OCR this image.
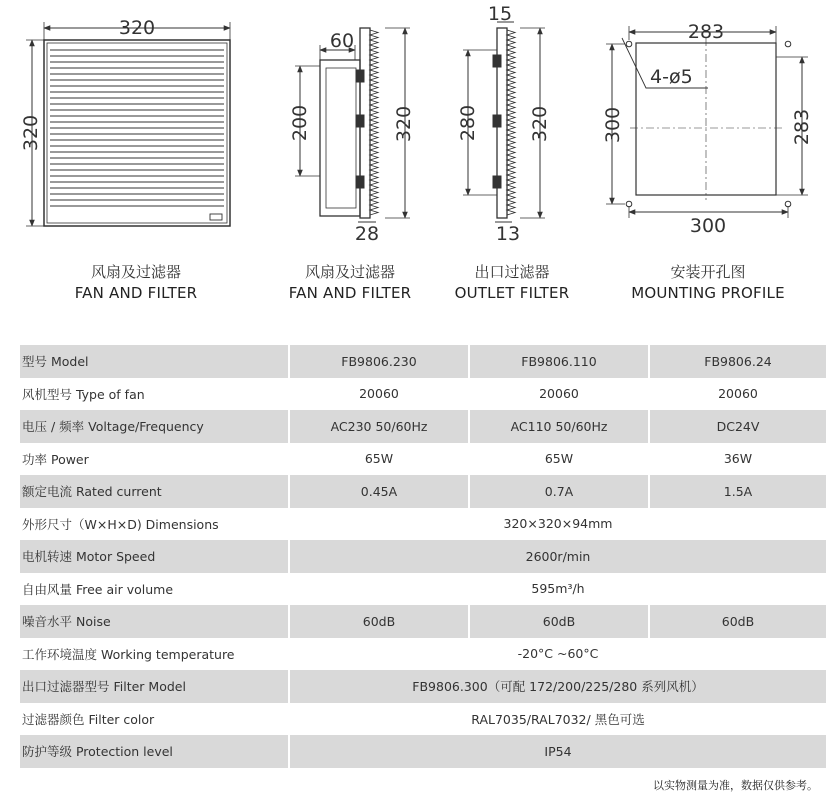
320
320
60
200	320
28
15
280	320
13
283
4-ø5
300	283
300
风扇及过滤器
FAN AND FILTER
风扇及过滤器
FAN AND FILTER
出口过滤器
OUTLET FILTER
安装开孔图
MOUNTING PROFILE
型号 Model	FB9806.230	FB9806.110	FB9806.24
风机型号 Type of fan	20060	20060	20060
电压 / 频率 Voltage/Frequency	AC230 50/60Hz	AC110 50/60Hz	DC24V
功率 Power	65W	65W	36W
额定电流 Rated current	0.45A	0.7A	1.5A
外形尺寸（W×H×D) Dimensions	320×320×94mm		
电机转速 Motor Speed	2600r/min		
自由风量 Free air volume	595m³/h		
噪音水平 Noise	60dB	60dB	60dB
工作环境温度 Working temperature	-20°C ~60°C		
出口过滤器型号 Filter Model	FB9806.300（可配 172/200/225/280 系列风机）		
过滤器颜色 Filter color	RAL7035/RAL7032/ 黑色可选		
防护等级 Protection level	IP54		
以实物测量为准，数据仅供参考。
